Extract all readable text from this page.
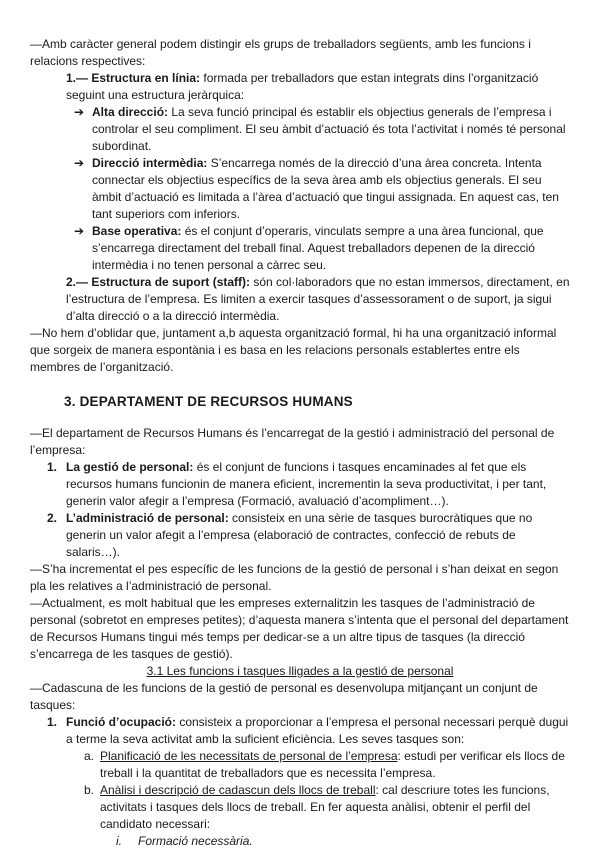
—Amb caràcter general podem distingir els grups de treballadors següents, amb les funcions i relacions respectives:

1.— Estructura en línia: formada per treballadors que estan integrats dins l’organització seguint una estructura jeràrquica:

➔ Alta direcció: La seva funció principal és establir els objectius generals de l’empresa i controlar el seu compliment. El seu àmbit d’actuació és tota l’activitat i només té personal subordinat.

➔ Direcció intermèdia: S’encarrega només de la direcció d’una àrea concreta. Intenta connectar els objectius específics de la seva àrea amb els objectius generals. El seu àmbit d’actuació es limitada a l’àrea d’actuació que tingui assignada. En aquest cas, ten tant superiors com inferiors.

➔ Base operativa: és el conjunt d’operaris, vinculats sempre a una àrea funcional, que s’encarrega directament del treball final. Aquest treballadors depenen de la direcció intermèdia i no tenen personal a càrrec seu.

2.— Estructura de suport (staff): són col·laboradors que no estan immersos, directament, en l’estructura de l’empresa. Es limiten a exercir tasques d’assessorament o de suport, ja sigui d’alta direcció o a la direcció intermèdia.

—No hem d’oblidar que, juntament a,b aquesta organització formal, hi ha una organització informal que sorgeix de manera espontània i es basa en les relacions personals establertes entre els membres de l’organització.

3. DEPARTAMENT DE RECURSOS HUMANS

—El departament de Recursos Humans és l’encarregat de la gestió i administració del personal de l’empresa:

1. La gestió de personal: és el conjunt de funcions i tasques encaminades al fet que els recursos humans funcionin de manera eficient, incrementin la seva productivitat, i per tant, generin valor afegir a l’empresa (Formació, avaluació d’acompliment…).

2. L’administració de personal: consisteix en una sèrie de tasques burocràtiques que no generin un valor afegit a l’empresa (elaboració de contractes, confecció de rebuts de salaris…).

—S’ha incrementat el pes específic de les funcions de la gestió de personal i s’han deixat en segon pla les relatives a l’administració de personal.

—Actualment, es molt habitual que les empreses externalitzin les tasques de l’administració de personal (sobretot en empreses petites); d’aquesta manera s’intenta que el personal del departament de Recursos Humans tingui més temps per dedicar-se a un altre tipus de tasques (la direcció s’encarrega de les tasques de gestió).

3.1 Les funcions i tasques lligades a la gestió de personal

—Cadascuna de les funcions de la gestió de personal es desenvolupa mitjançant un conjunt de tasques:

1. Funció d’ocupació: consisteix a proporcionar a l’empresa el personal necessari perquè dugui a terme la seva activitat amb la suficient eficiència. Les seves tasques son:

a. Planificació de les necessitats de personal de l’empresa: estudi per verificar els llocs de treball i la quantitat de treballadors que es necessita l’empresa.

b. Anàlisi i descripció de cadascun dels llocs de treball: cal descriure totes les funcions, activitats i tasques dels llocs de treball. En fer aquesta anàlisi, obtenir el perfil del candidato necessari:

i. Formació necessària.
